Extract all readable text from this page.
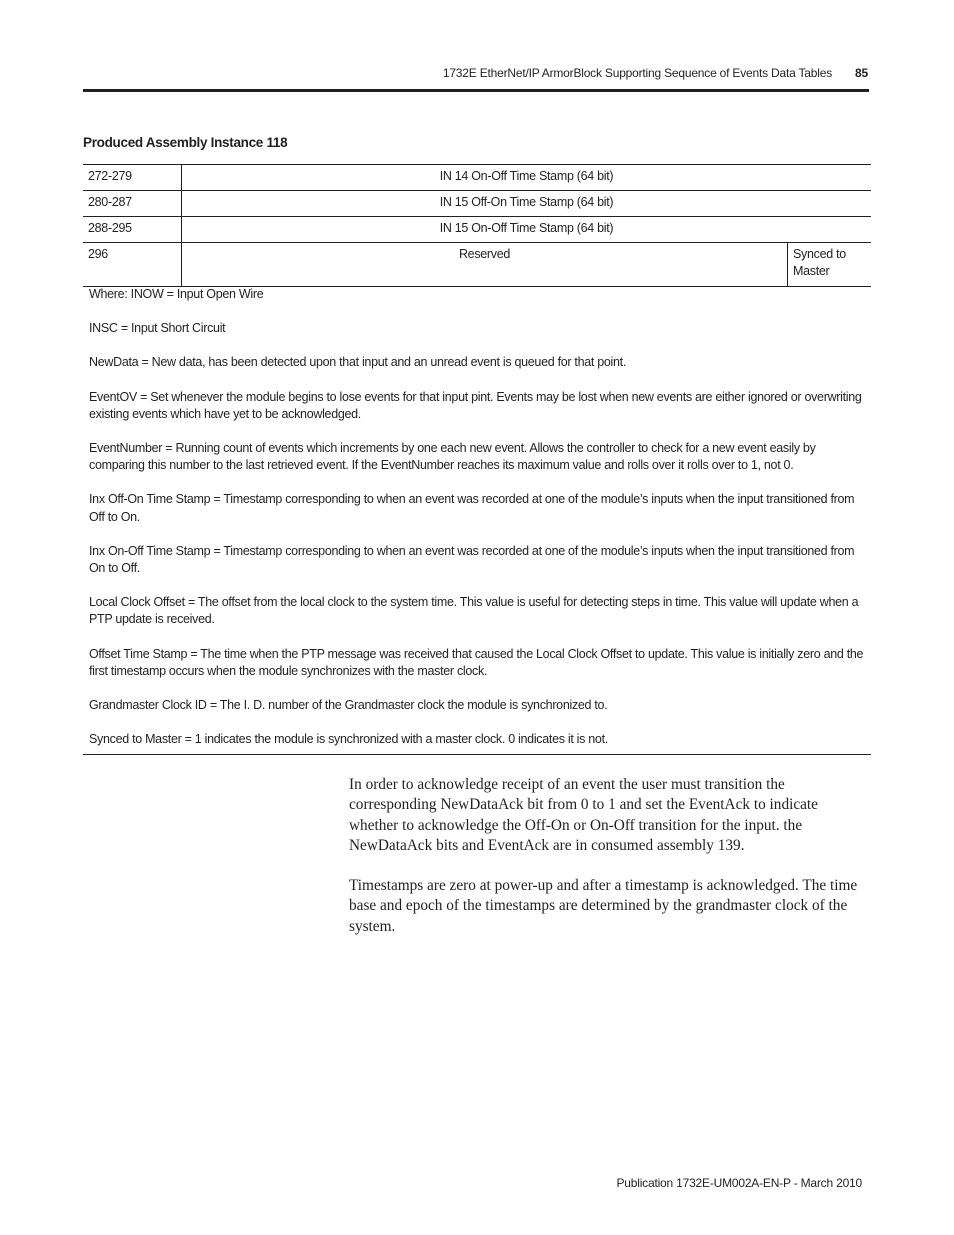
1732E EtherNet/IP ArmorBlock Supporting Sequence of Events Data Tables 85
Produced Assembly Instance 118
272-279	IN 14 On-Off Time Stamp (64 bit)	
280-287	IN 15 Off-On Time Stamp (64 bit)	
288-295	IN 15 On-Off Time Stamp (64 bit)	
296	Reserved	Synced to Master

Where: INOW = Input Open Wire

INSC = Input Short Circuit

NewData = New data, has been detected upon that input and an unread event is queued for that point.

EventOV = Set whenever the module begins to lose events for that input pint. Events may be lost when new events are either ignored or overwriting existing events which have yet to be acknowledged.

EventNumber = Running count of events which increments by one each new event. Allows the controller to check for a new event easily by comparing this number to the last retrieved event. If the EventNumber reaches its maximum value and rolls over it rolls over to 1, not 0.

Inx Off-On Time Stamp = Timestamp corresponding to when an event was recorded at one of the module’s inputs when the input transitioned from Off to On.

Inx On-Off Time Stamp = Timestamp corresponding to when an event was recorded at one of the module’s inputs when the input transitioned from On to Off.

Local Clock Offset = The offset from the local clock to the system time. This value is useful for detecting steps in time. This value will update when a PTP update is received.

Offset Time Stamp = The time when the PTP message was received that caused the Local Clock Offset to update. This value is initially zero and the first timestamp occurs when the module synchronizes with the master clock.

Grandmaster Clock ID = The I. D. number of the Grandmaster clock the module is synchronized to.

Synced to Master = 1 indicates the module is synchronized with a master clock. 0 indicates it is not.

In order to acknowledge receipt of an event the user must transition the corresponding NewDataAck bit from 0 to 1 and set the EventAck to indicate whether to acknowledge the Off-On or On-Off transition for the input. the NewDataAck bits and EventAck are in consumed assembly 139.

Timestamps are zero at power-up and after a timestamp is acknowledged. The time base and epoch of the timestamps are determined by the grandmaster clock of the system.

Publication 1732E-UM002A-EN-P - March 2010
